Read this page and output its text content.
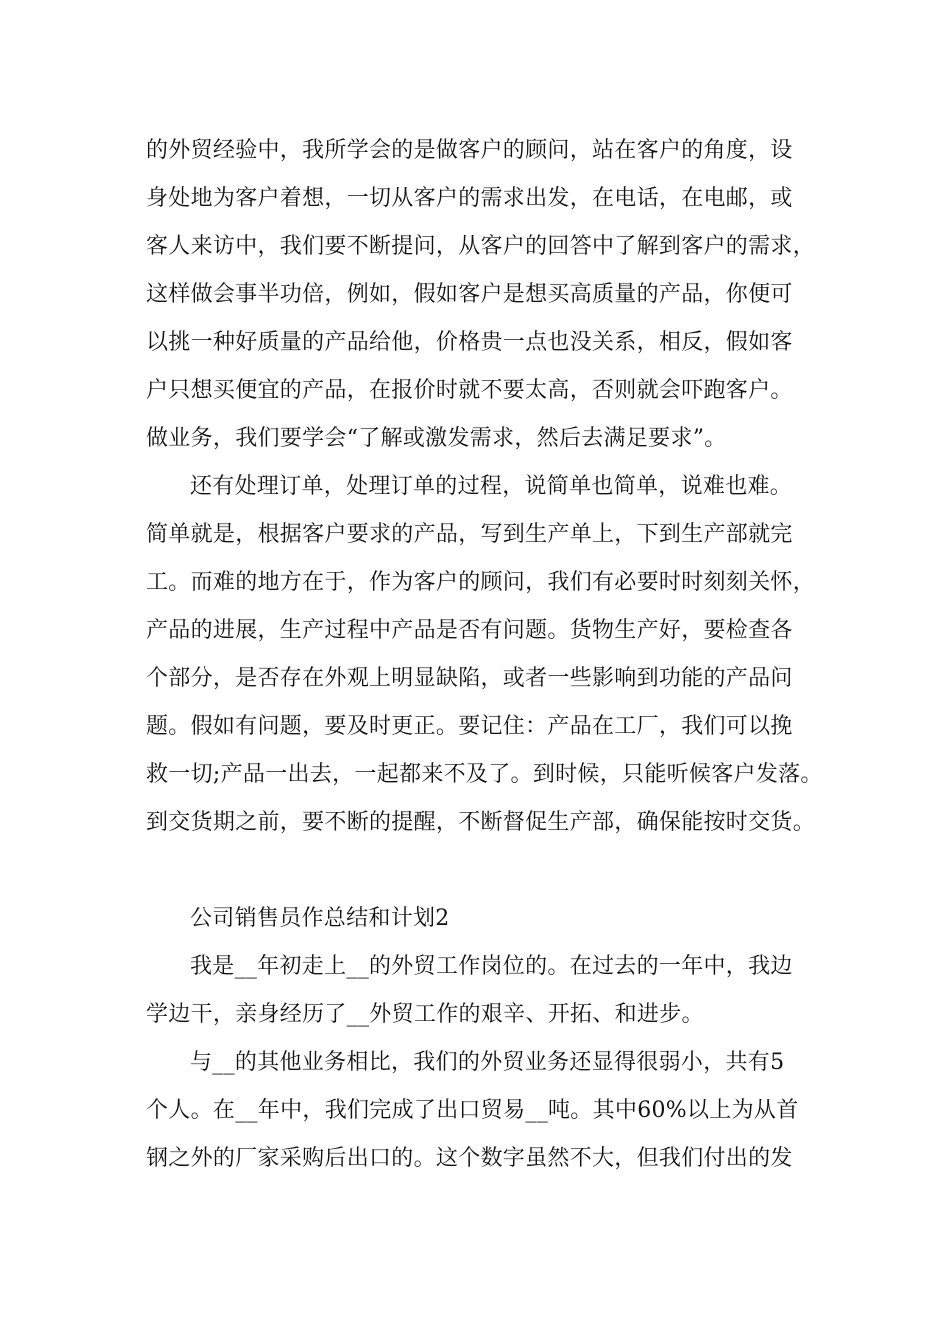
的外贸经验中，我所学会的是做客户的顾问，站在客户的角度，设
身处地为客户着想，一切从客户的需求出发，在电话，在电邮，或
客人来访中，我们要不断提问，从客户的回答中了解到客户的需求，
这样做会事半功倍，例如，假如客户是想买高质量的产品，你便可
以挑一种好质量的产品给他，价格贵一点也没关系，相反，假如客
户只想买便宜的产品，在报价时就不要太高，否则就会吓跑客户。
做业务，我们要学会“了解或激发需求，然后去满足要求”。
还有处理订单，处理订单的过程，说简单也简单，说难也难。
简单就是，根据客户要求的产品，写到生产单上，下到生产部就完
工。而难的地方在于，作为客户的顾问，我们有必要时时刻刻关怀，
产品的进展，生产过程中产品是否有问题。货物生产好，要检查各
个部分，是否存在外观上明显缺陷，或者一些影响到功能的产品问
题。假如有问题，要及时更正。要记住：产品在工厂，我们可以挽
救一切;产品一出去，一起都来不及了。到时候，只能听候客户发落。
到交货期之前，要不断的提醒，不断督促生产部，确保能按时交货。
公司销售员作总结和计划2
我是__年初走上__的外贸工作岗位的。在过去的一年中，我边
学边干，亲身经历了__外贸工作的艰辛、开拓、和进步。
与__的其他业务相比，我们的外贸业务还显得很弱小，共有5
个人。在__年中，我们完成了出口贸易__吨。其中60%以上为从首
钢之外的厂家采购后出口的。这个数字虽然不大，但我们付出的发
